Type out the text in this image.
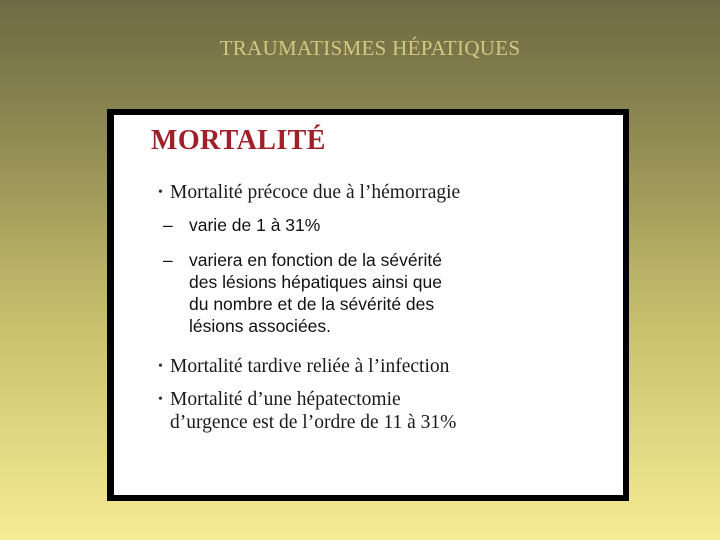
TRAUMATISMES HÉPATIQUES
MORTALITÉ
• Mortalité précoce due à l’hémorragie
– varie de 1 à 31%
– variera en fonction de la sévérité
des lésions hépatiques ainsi que
du nombre et de la sévérité des
lésions associées.
• Mortalité tardive reliée à l’infection
• Mortalité d’une hépatectomie
d’urgence est de l’ordre de 11 à 31%
